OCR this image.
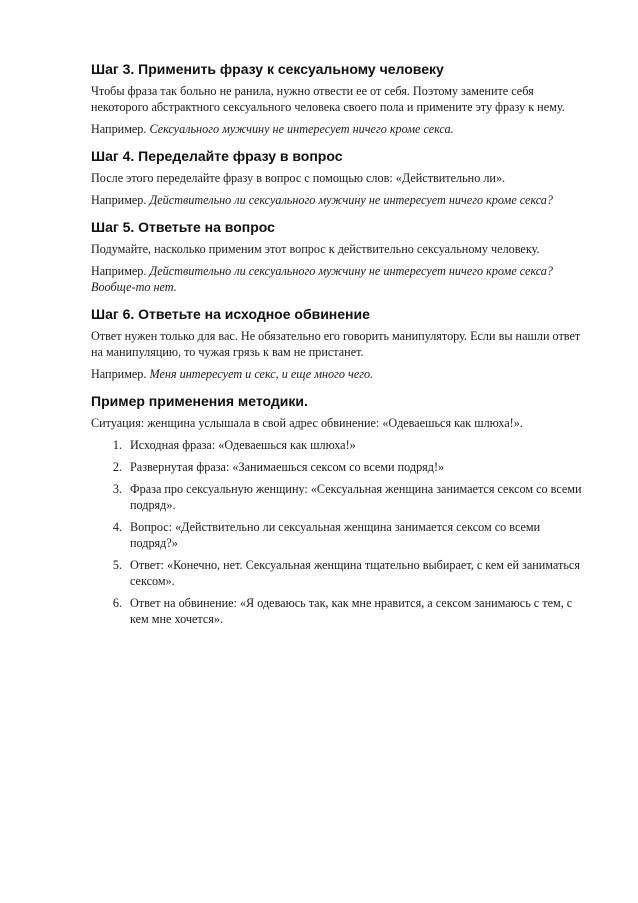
Шаг 3. Применить фразу к сексуальному человеку

Чтобы фраза так больно не ранила, нужно отвести ее от себя. Поэтому замените себя некоторого абстрактного сексуального человека своего пола и примените эту фразу к нему.

Например. Сексуального мужчину не интересует ничего кроме секса.

Шаг 4. Переделайте фразу в вопрос

После этого переделайте фразу в вопрос с помощью слов: «Действительно ли».

Например. Действительно ли сексуального мужчину не интересует ничего кроме секса?

Шаг 5. Ответьте на вопрос

Подумайте, насколько применим этот вопрос к действительно сексуальному человеку.

Например. Действительно ли сексуального мужчину не интересует ничего кроме секса? Вообще-то нет.

Шаг 6. Ответьте на исходное обвинение

Ответ нужен только для вас. Не обязательно его говорить манипулятору. Если вы нашли ответ на манипуляцию, то чужая грязь к вам не пристанет.

Например. Меня интересует и секс, и еще много чего.

Пример применения методики.

Ситуация: женщина услышала в свой адрес обвинение: «Одеваешься как шлюха!».

1. Исходная фраза: «Одеваешься как шлюха!»
2. Развернутая фраза: «Занимаешься сексом со всеми подряд!»
3. Фраза про сексуальную женщину: «Сексуальная женщина занимается сексом со всеми подряд».
4. Вопрос: «Действительно ли сексуальная женщина занимается сексом со всеми подряд?»
5. Ответ: «Конечно, нет. Сексуальная женщина тщательно выбирает, с кем ей заниматься сексом».
6. Ответ на обвинение: «Я одеваюсь так, как мне нравится, а сексом занимаюсь с тем, с кем мне хочется».
